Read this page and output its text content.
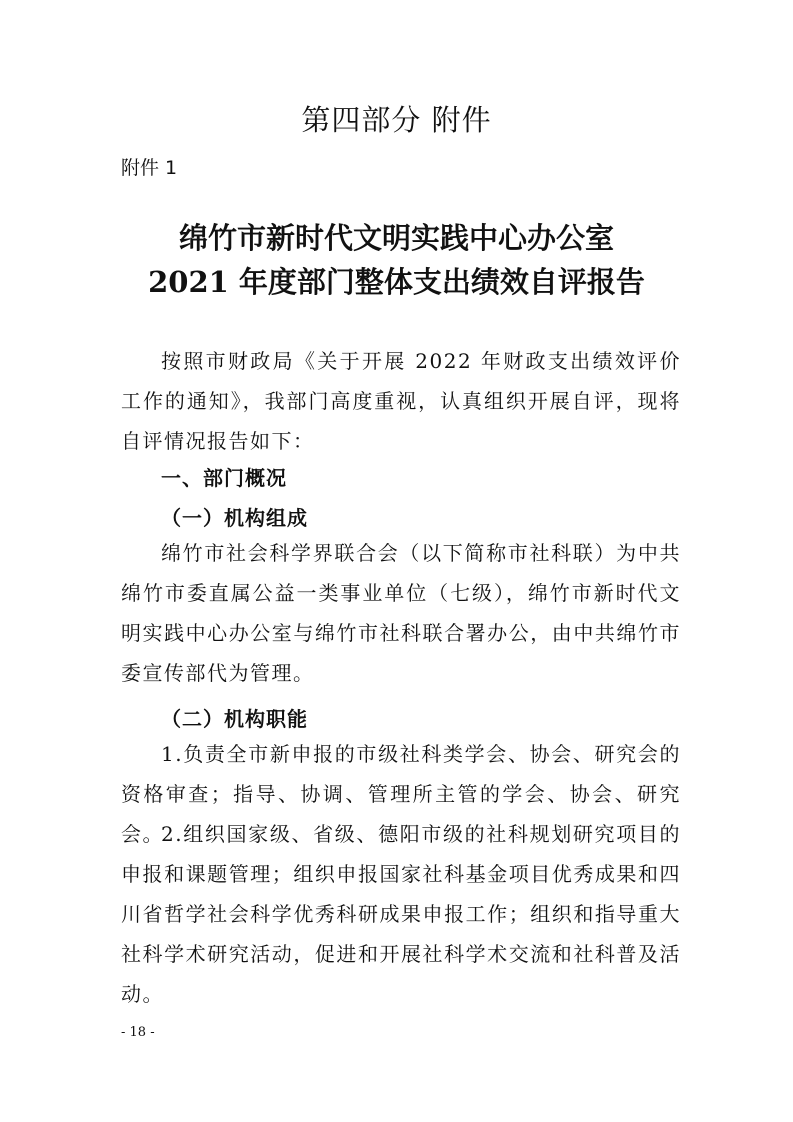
第四部分 附件

附件 1

绵竹市新时代文明实践中心办公室
2021 年度部门整体支出绩效自评报告

按照市财政局《关于开展 2022 年财政支出绩效评价工作的通知》，我部门高度重视，认真组织开展自评，现将自评情况报告如下：

一、部门概况

（一）机构组成

绵竹市社会科学界联合会（以下简称市社科联）为中共绵竹市委直属公益一类事业单位（七级），绵竹市新时代文明实践中心办公室与绵竹市社科联合署办公，由中共绵竹市委宣传部代为管理。

（二）机构职能

1.负责全市新申报的市级社科类学会、协会、研究会的资格审查；指导、协调、管理所主管的学会、协会、研究会。

2.组织国家级、省级、德阳市级的社科规划研究项目的申报和课题管理；组织申报国家社科基金项目优秀成果和四川省哲学社会科学优秀科研成果申报工作；组织和指导重大社科学术研究活动，促进和开展社科学术交流和社科普及活动。

- 18 -
